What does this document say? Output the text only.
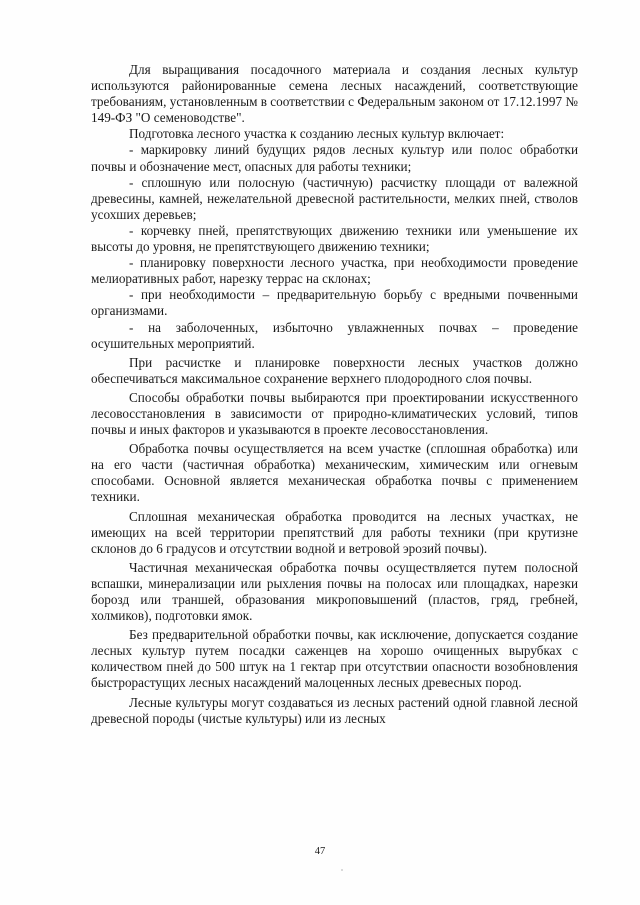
Для выращивания посадочного материала и создания лесных культур используются районированные семена лесных насаждений, соответствующие требованиям, установленным в соответствии с Федеральным законом от 17.12.1997 № 149-ФЗ "О семеноводстве".

Подготовка лесного участка к созданию лесных культур включает:

- маркировку линий будущих рядов лесных культур или полос обработки почвы и обозначение мест, опасных для работы техники;

- сплошную или полосную (частичную) расчистку площади от валежной древесины, камней, нежелательной древесной растительности, мелких пней, стволов усохших деревьев;

- корчевку пней, препятствующих движению техники или уменьшение их высоты до уровня, не препятствующего движению техники;

- планировку поверхности лесного участка, при необходимости проведение мелиоративных работ, нарезку террас на склонах;

- при необходимости – предварительную борьбу с вредными почвенными организмами.

- на заболоченных, избыточно увлажненных почвах – проведение осушительных мероприятий.

При расчистке и планировке поверхности лесных участков должно обеспечиваться максимальное сохранение верхнего плодородного слоя почвы.

Способы обработки почвы выбираются при проектировании искусственного лесовосстановления в зависимости от природно-климатических условий, типов почвы и иных факторов и указываются в проекте лесовосстановления.

Обработка почвы осуществляется на всем участке (сплошная обработка) или на его части (частичная обработка) механическим, химическим или огневым способами. Основной является механическая обработка почвы с применением техники.

Сплошная механическая обработка проводится на лесных участках, не имеющих на всей территории препятствий для работы техники (при крутизне склонов до 6 градусов и отсутствии водной и ветровой эрозий почвы).

Частичная механическая обработка почвы осуществляется путем полосной вспашки, минерализации или рыхления почвы на полосах или площадках, нарезки борозд или траншей, образования микроповышений (пластов, гряд, гребней, холмиков), подготовки ямок.

Без предварительной обработки почвы, как исключение, допускается создание лесных культур путем посадки саженцев на хорошо очищенных вырубках с количеством пней до 500 штук на 1 гектар при отсутствии опасности возобновления быстрорастущих лесных насаждений малоценных лесных древесных пород.

Лесные культуры могут создаваться из лесных растений одной главной лесной древесной породы (чистые культуры) или из лесных

47
